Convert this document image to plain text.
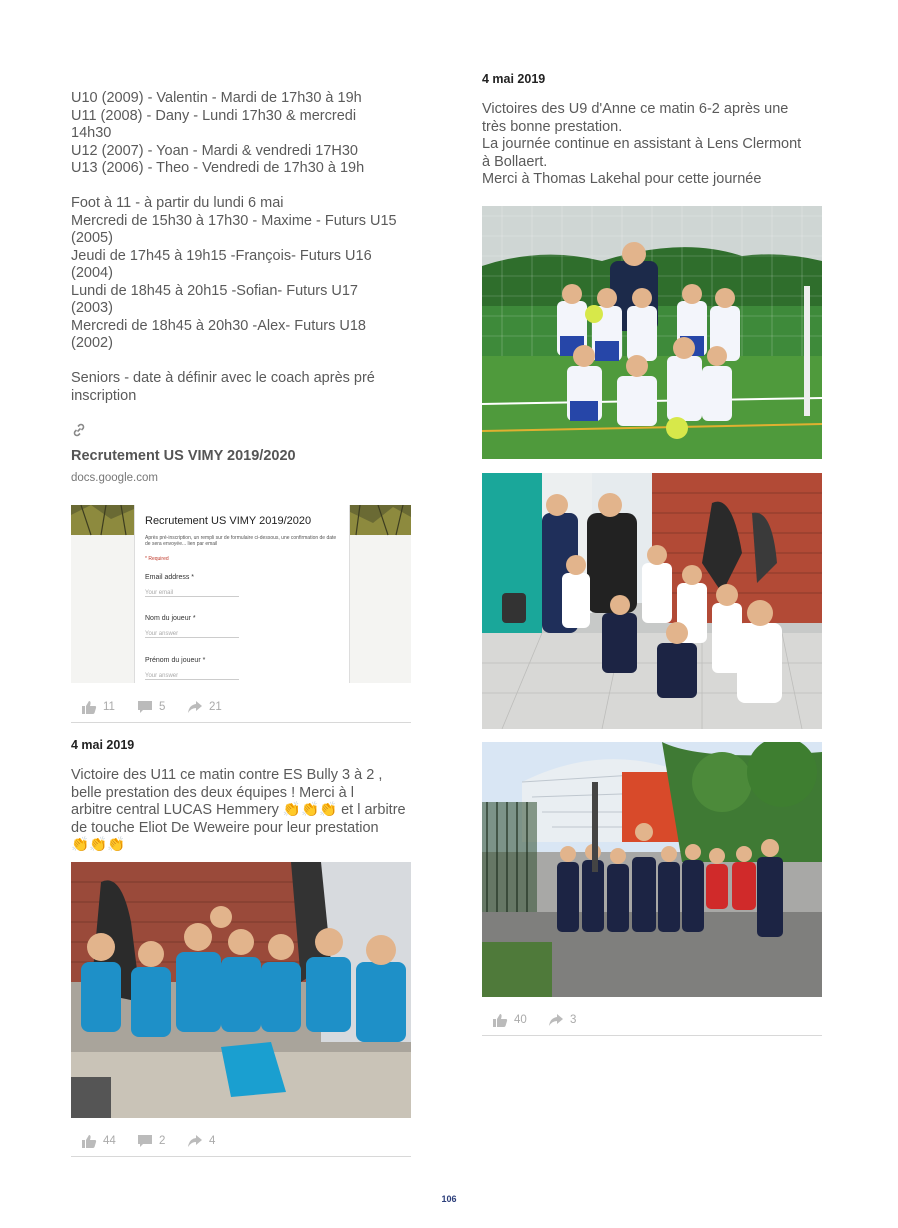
U10 (2009) - Valentin - Mardi de 17h30 à 19h
U11 (2008) - Dany - Lundi 17h30 & mercredi
14h30
U12 (2007) - Yoan - Mardi & vendredi 17H30
U13 (2006) - Theo - Vendredi de 17h30 à 19h
Foot à 11 - à partir du lundi 6 mai
Mercredi de 15h30 à 17h30 - Maxime - Futurs U15
(2005)
Jeudi de 17h45 à 19h15 -François- Futurs U16
(2004)
Lundi de 18h45 à 20h15 -Sofian- Futurs U17
(2003)
Mercredi de 18h45 à 20h30 -Alex- Futurs U18
(2002)
Seniors - date à définir avec le coach après pré
inscription
Recrutement US VIMY 2019/2020
docs.google.com
Recrutement US VIMY 2019/2020
Après pré-inscription, un rempli sur de formulaire ci-dessous, une confirmation de date de sera envoyée... lien par email
* Required
Email address *
Your email
Nom du joueur *
Your answer
Prénom du joueur *
Your answer
11	5	21
4 mai 2019
Victoire des U11 ce matin contre ES Bully 3 à 2 ,
belle prestation des deux équipes ! Merci à l
arbitre central LUCAS Hemmery 👏👏👏 et l arbitre
de touche Eliot De Weweire pour leur prestation
👏👏👏
44	2	4
4 mai 2019
Victoires des U9 d'Anne ce matin 6-2 après une
très bonne prestation.
La journée continue en assistant à Lens Clermont
à Bollaert.
Merci à Thomas Lakehal pour cette journée
40	3
106
